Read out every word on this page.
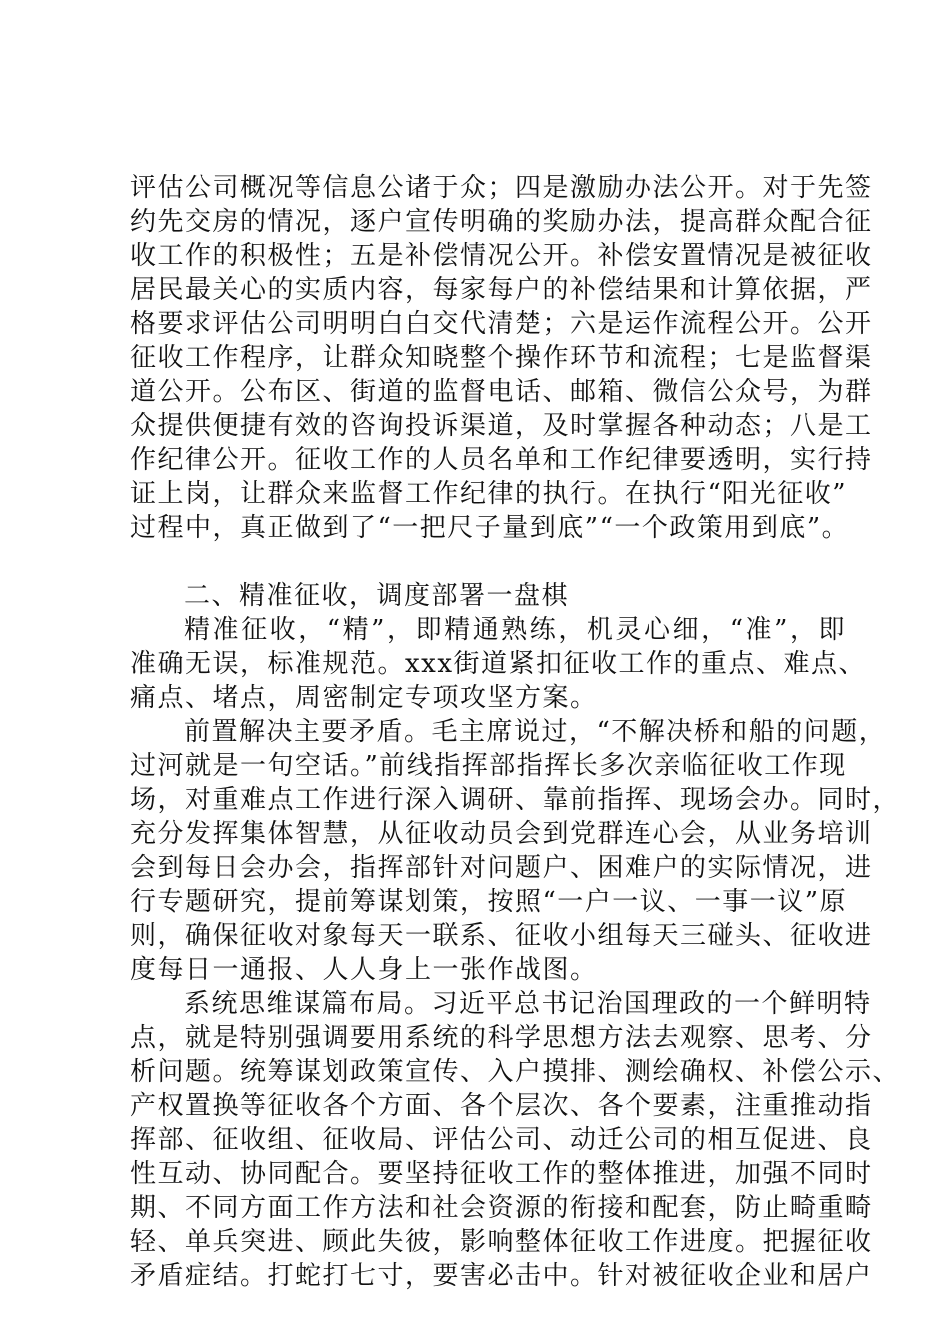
评估公司概况等信息公诸于众；四是激励办法公开。对于先签
约先交房的情况，逐户宣传明确的奖励办法，提高群众配合征
收工作的积极性；五是补偿情况公开。补偿安置情况是被征收
居民最关心的实质内容，每家每户的补偿结果和计算依据，严
格要求评估公司明明白白交代清楚；六是运作流程公开。公开
征收工作程序，让群众知晓整个操作环节和流程；七是监督渠
道公开。公布区、街道的监督电话、邮箱、微信公众号，为群
众提供便捷有效的咨询投诉渠道，及时掌握各种动态；八是工
作纪律公开。征收工作的人员名单和工作纪律要透明，实行持
证上岗，让群众来监督工作纪律的执行。在执行“阳光征收”
过程中，真正做到了“一把尺子量到底”“一个政策用到底”。
二、精准征收，调度部署一盘棋
精准征收，“精”，即精通熟练，机灵心细，“准”，即
准确无误，标准规范。xxx街道紧扣征收工作的重点、难点、
痛点、堵点，周密制定专项攻坚方案。
前置解决主要矛盾。毛主席说过，“不解决桥和船的问题，
过河就是一句空话。”前线指挥部指挥长多次亲临征收工作现
场，对重难点工作进行深入调研、靠前指挥、现场会办。同时，
充分发挥集体智慧，从征收动员会到党群连心会，从业务培训
会到每日会办会，指挥部针对问题户、困难户的实际情况，进
行专题研究，提前筹谋划策，按照“一户一议、一事一议”原
则，确保征收对象每天一联系、征收小组每天三碰头、征收进
度每日一通报、人人身上一张作战图。
系统思维谋篇布局。习近平总书记治国理政的一个鲜明特
点，就是特别强调要用系统的科学思想方法去观察、思考、分
析问题。统筹谋划政策宣传、入户摸排、测绘确权、补偿公示、
产权置换等征收各个方面、各个层次、各个要素，注重推动指
挥部、征收组、征收局、评估公司、动迁公司的相互促进、良
性互动、协同配合。要坚持征收工作的整体推进，加强不同时
期、不同方面工作方法和社会资源的衔接和配套，防止畸重畸
轻、单兵突进、顾此失彼，影响整体征收工作进度。把握征收
矛盾症结。打蛇打七寸，要害必击中。针对被征收企业和居户
